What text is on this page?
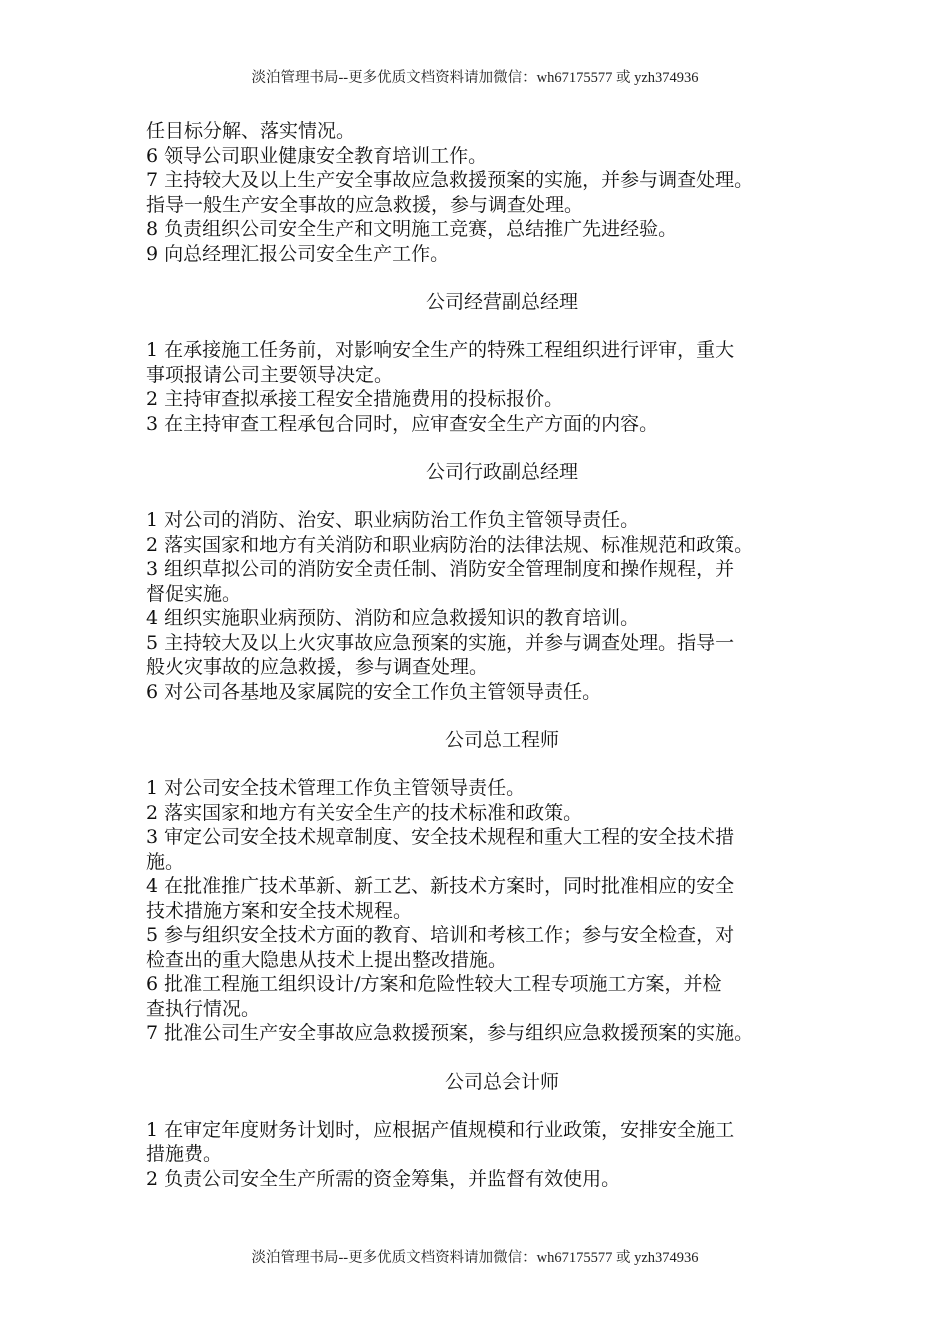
淡泊管理书局--更多优质文档资料请加微信：wh67175577 或 yzh374936
任目标分解、落实情况。
6 领导公司职业健康安全教育培训工作。
7 主持较大及以上生产安全事故应急救援预案的实施，并参与调查处理。
指导一般生产安全事故的应急救援，参与调查处理。
8 负责组织公司安全生产和文明施工竞赛，总结推广先进经验。
9 向总经理汇报公司安全生产工作。
公司经营副总经理
1 在承接施工任务前，对影响安全生产的特殊工程组织进行评审，重大
事项报请公司主要领导决定。
2 主持审查拟承接工程安全措施费用的投标报价。
3 在主持审查工程承包合同时，应审查安全生产方面的内容。
公司行政副总经理
1 对公司的消防、治安、职业病防治工作负主管领导责任。
2 落实国家和地方有关消防和职业病防治的法律法规、标准规范和政策。
3 组织草拟公司的消防安全责任制、消防安全管理制度和操作规程，并
督促实施。
4 组织实施职业病预防、消防和应急救援知识的教育培训。
5 主持较大及以上火灾事故应急预案的实施，并参与调查处理。指导一
般火灾事故的应急救援，参与调查处理。
6 对公司各基地及家属院的安全工作负主管领导责任。
公司总工程师
1 对公司安全技术管理工作负主管领导责任。
2 落实国家和地方有关安全生产的技术标准和政策。
3 审定公司安全技术规章制度、安全技术规程和重大工程的安全技术措
施。
4 在批准推广技术革新、新工艺、新技术方案时，同时批准相应的安全
技术措施方案和安全技术规程。
5 参与组织安全技术方面的教育、培训和考核工作；参与安全检查，对
检查出的重大隐患从技术上提出整改措施。
6 批准工程施工组织设计/方案和危险性较大工程专项施工方案，并检
查执行情况。
7 批准公司生产安全事故应急救援预案，参与组织应急救援预案的实施。
公司总会计师
1 在审定年度财务计划时，应根据产值规模和行业政策，安排安全施工
措施费。
2 负责公司安全生产所需的资金筹集，并监督有效使用。
淡泊管理书局--更多优质文档资料请加微信：wh67175577 或 yzh374936
